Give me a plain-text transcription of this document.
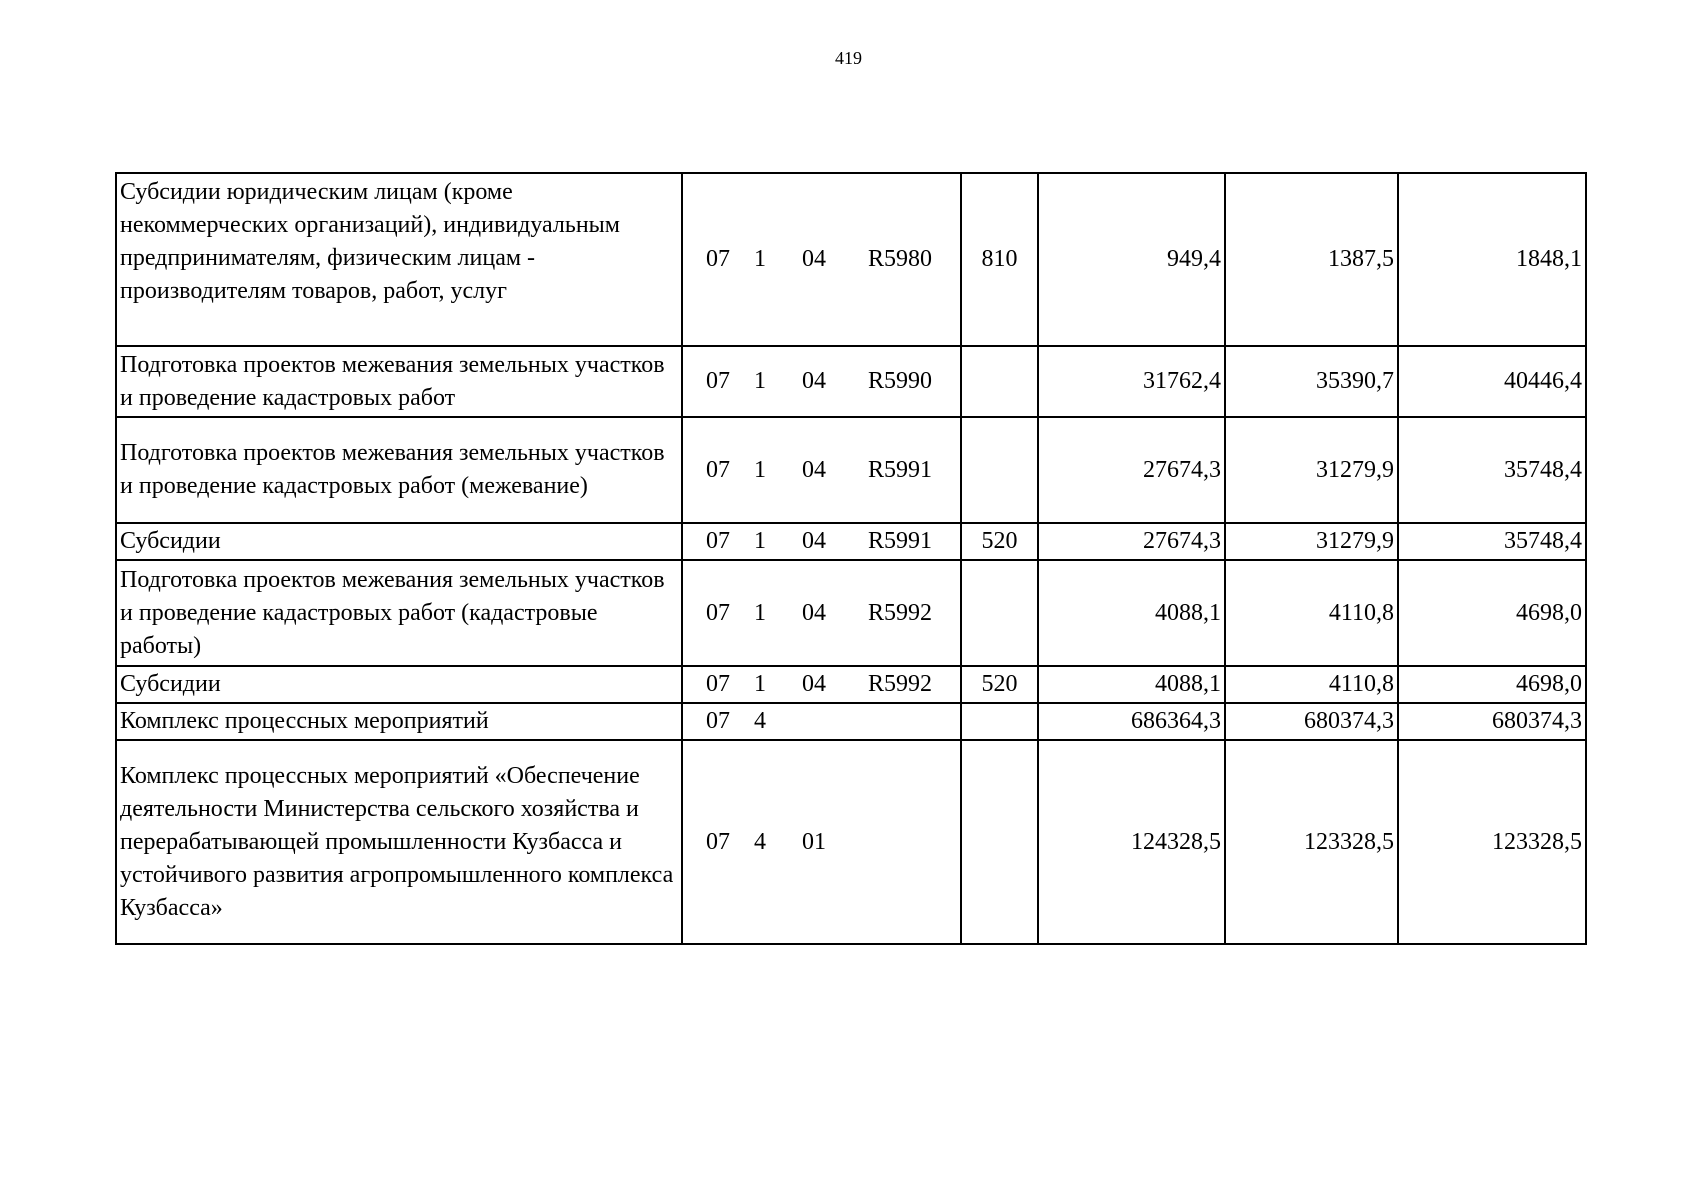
419
Субсидии юридическим лицам (кроме некоммерческих организаций), индивидуальным предпринимателям, физическим лицам - производителям товаров, работ, услуг	07 1 04 R5980	810	949,4	1387,5	1848,1
Подготовка проектов межевания земельных участков и проведение кадастровых работ	07 1 04 R5990		31762,4	35390,7	40446,4
Подготовка проектов межевания земельных участков и проведение кадастровых работ (межевание)	07 1 04 R5991		27674,3	31279,9	35748,4
Субсидии	07 1 04 R5991	520	27674,3	31279,9	35748,4
Подготовка проектов межевания земельных участков и проведение кадастровых работ (кадастровые работы)	07 1 04 R5992		4088,1	4110,8	4698,0
Субсидии	07 1 04 R5992	520	4088,1	4110,8	4698,0
Комплекс процессных мероприятий	07 4		686364,3	680374,3	680374,3
Комплекс процессных мероприятий «Обеспечение деятельности Министерства сельского хозяйства и перерабатывающей промышленности Кузбасса и устойчивого развития агропромышленного комплекса Кузбасса»	07 4 01		124328,5	123328,5	123328,5
